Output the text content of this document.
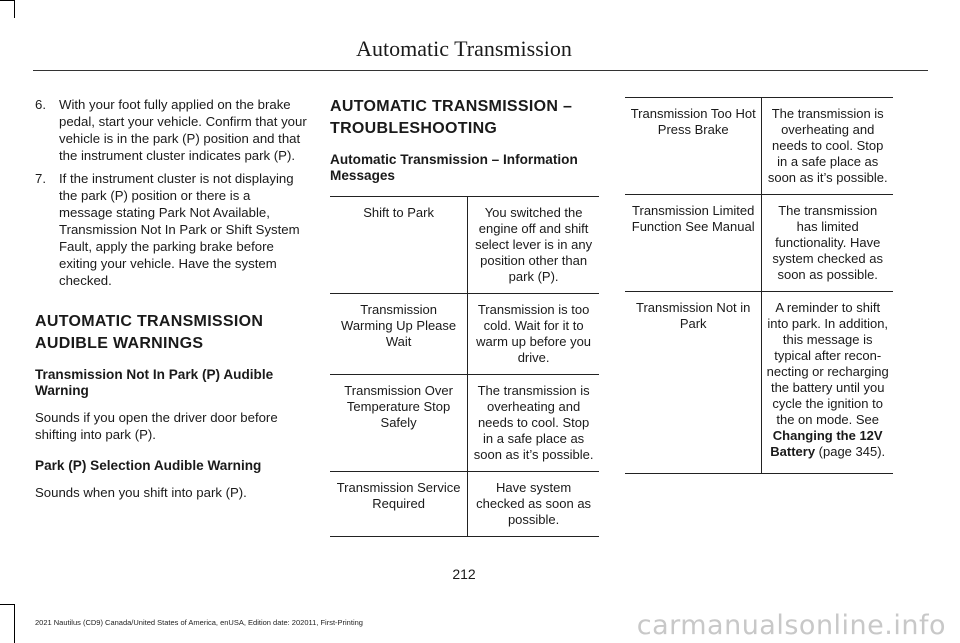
Automatic Transmission
6. With your foot fully applied on the brake pedal, start your vehicle. Confirm that your vehicle is in the park (P) position and that the instrument cluster indicates park (P).
7. If the instrument cluster is not displaying the park (P) position or there is a message stating Park Not Available, Transmission Not In Park or Shift System Fault, apply the parking brake before exiting your vehicle. Have the system checked.
AUTOMATIC TRANSMISSION
AUDIBLE WARNINGS
Transmission Not In Park (P) Audible Warning
Sounds if you open the driver door before shifting into park (P).
Park (P) Selection Audible Warning
Sounds when you shift into park (P).
AUTOMATIC TRANSMISSION –
TROUBLESHOOTING
Automatic Transmission – Information Messages
Shift to Park	You switched the engine off and shift select lever is in any position other than park (P).
Transmission Warming Up Please Wait	Transmission is too cold. Wait for it to warm up before you drive.
Transmission Over Temperature Stop Safely	The transmission is overheating and needs to cool. Stop in a safe place as soon as it’s possible.
Transmission Service Required	Have system checked as soon as possible.
Transmission Too Hot Press Brake	The transmission is overheating and needs to cool. Stop in a safe place as soon as it’s possible.
Transmission Limited Function See Manual	The transmission has limited functionality. Have system checked as soon as possible.
Transmission Not in Park	A reminder to shift into park. In addition, this message is typical after reconnecting or recharging the battery until you cycle the ignition to the on mode. See Changing the 12V Battery (page 345).
212
2021 Nautilus (CD9) Canada/United States of America, enUSA, Edition date: 202011, First-Printing	carmanualsonline.info
